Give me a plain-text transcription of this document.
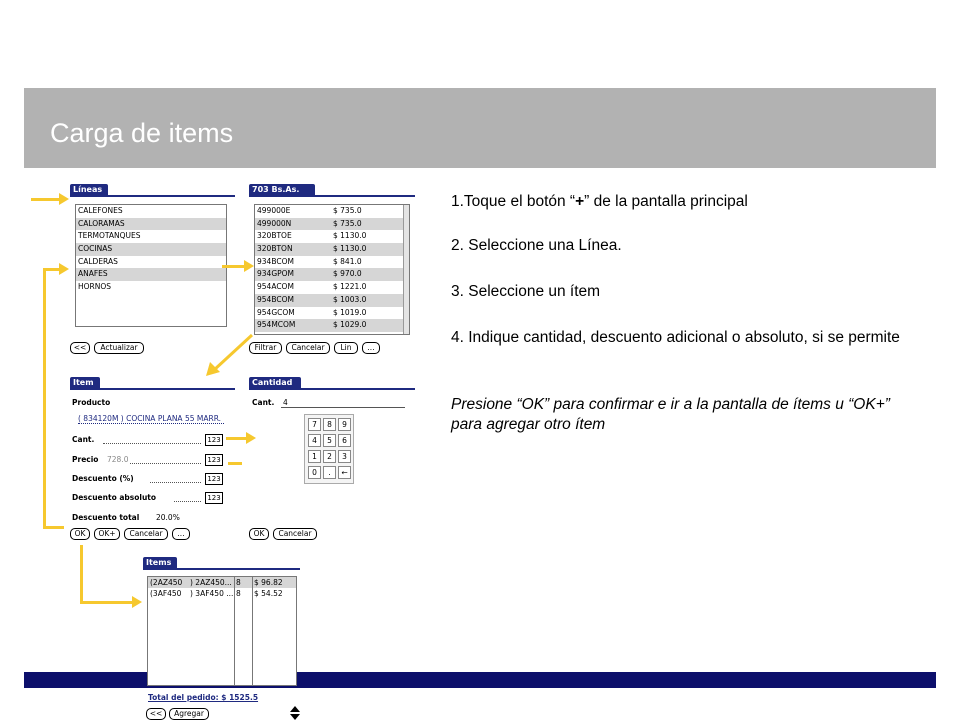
Carga de items
Líneas
CALEFONES
CALORAMAS
TERMOTANQUES
COCINAS
CALDERAS
ANAFES
HORNOS
<<	Actualizar
703 Bs.As.
499000E	$ 735.0
499000N	$ 735.0
320BTOE	$ 1130.0
320BTON	$ 1130.0
934BCOM	$ 841.0
934GPOM	$ 970.0
954ACOM	$ 1221.0
954BCOM	$ 1003.0
954GCOM	$ 1019.0
954MCOM	$ 1029.0
Filtrar	Cancelar	Lin	...
Item
Producto
( 834120M ) COCINA PLANA 55 MARR.
Cant.	123
Precio 728.0	123
Descuento (%)	123
Descuento absoluto	123
Descuento total 20.0%
OK	OK+	Cancelar	...
Cantidad
Cant. 4
7	8	9
4	5	6
1	2	3
0	.	←
OK	Cancelar
Items
(2AZ450 ) 2AZ450... 8 $ 96.82
(3AF450 ) 3AF450 ... 8 $ 54.52
Total del pedido: $ 1525.5
<<	Agregar
1.Toque el botón “+” de la pantalla principal
2. Seleccione una Línea.
3. Seleccione un ítem
4. Indique cantidad, descuento adicional o absoluto, si se permite
Presione “OK” para confirmar e ir a la pantalla de ítems u “OK+” para agregar otro ítem
